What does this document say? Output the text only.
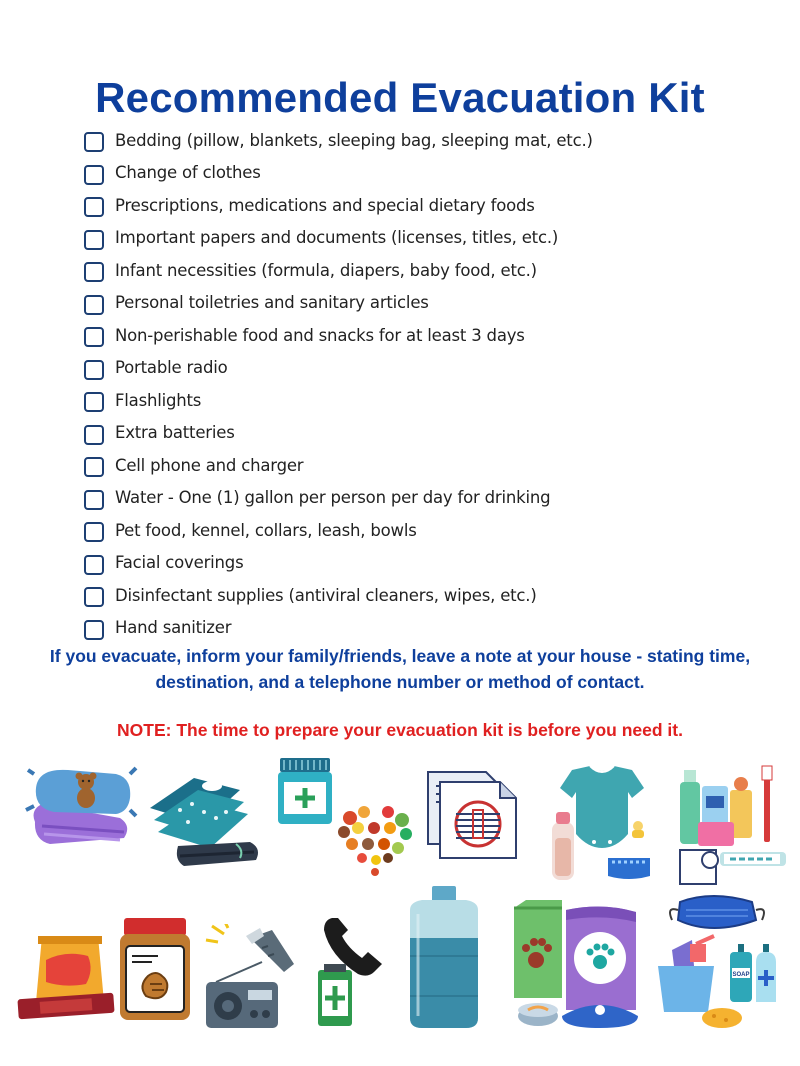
Recommended Evacuation Kit
Bedding (pillow, blankets, sleeping bag, sleeping mat, etc.)
Change of clothes
Prescriptions, medications and special dietary foods
Important papers and documents (licenses, titles, etc.)
Infant necessities (formula, diapers, baby food, etc.)
Personal toiletries and sanitary articles
Non-perishable food and snacks for at least 3 days
Portable radio
Flashlights
Extra batteries
Cell phone and charger
Water - One (1) gallon per person per day for drinking
Pet food, kennel, collars, leash, bowls
Facial coverings
Disinfectant supplies (antiviral cleaners, wipes, etc.)
Hand sanitizer

If you evacuate, inform your family/friends, leave a note at your house - stating time, destination, and a telephone number or method of contact.

NOTE: The time to prepare your evacuation kit is before you need it.

SOAP
